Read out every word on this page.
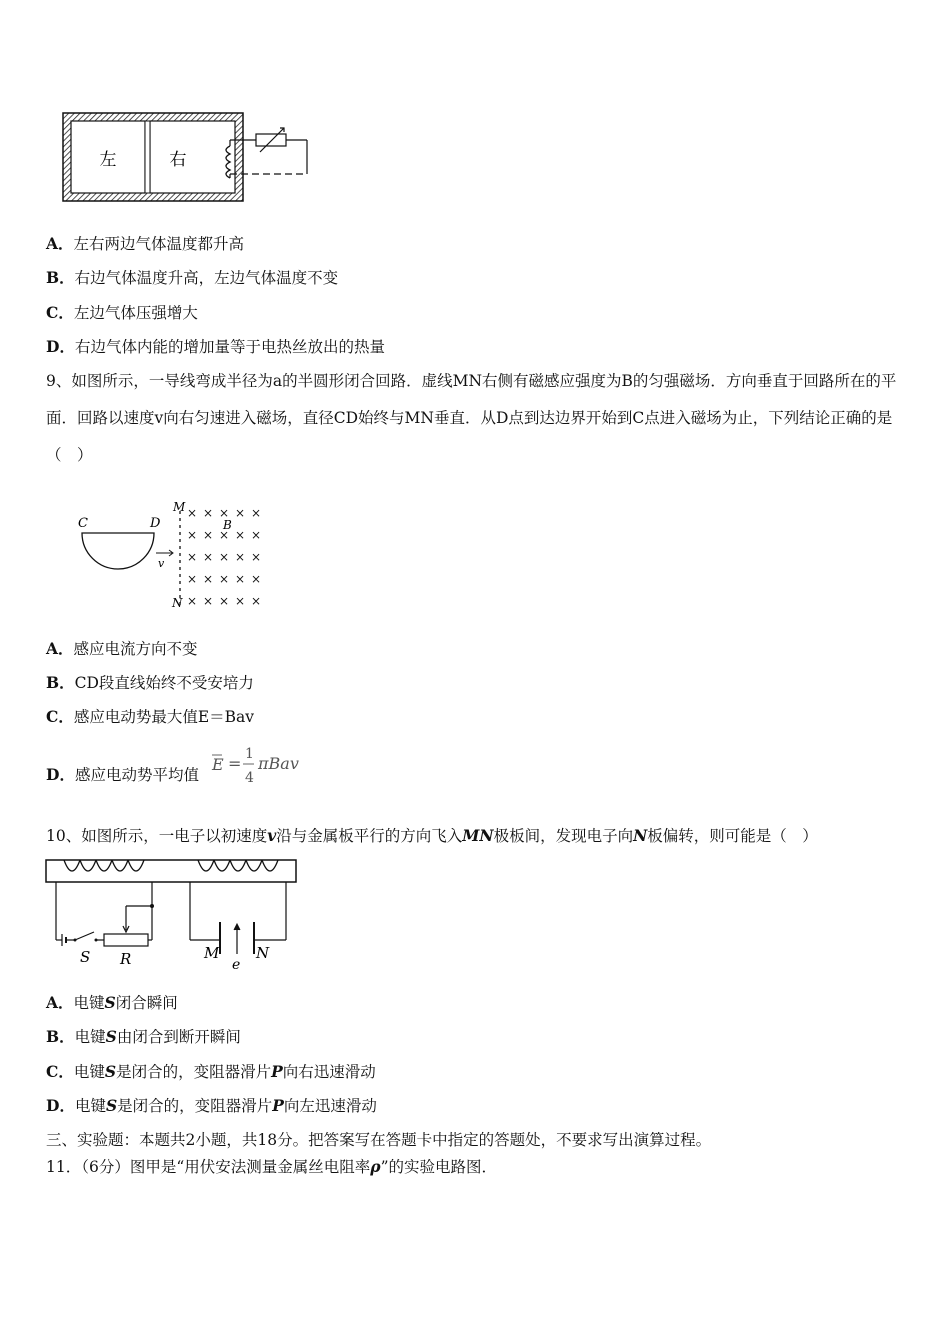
左	右
A．左右两边气体温度都升高
B．右边气体温度升高，左边气体温度不变
C．左边气体压强增大
D．右边气体内能的增加量等于电热丝放出的热量
9、如图所示，一导线弯成半径为a的半圆形闭合回路．虚线MN右侧有磁感应强度为B的匀强磁场．方向垂直于回路所在的平面．回路以速度v向右匀速进入磁场，直径CD始终与MN垂直．从D点到达边界开始到C点进入磁场为止，下列结论正确的是（　）
C	D
v
M
N
× × × × ×
× × × × ×
× × × × ×
× × × × ×
× × × × ×
B
A．感应电流方向不变
B．CD段直线始终不受安培力
C．感应电动势最大值E＝Bav
D．感应电动势平均值
E = 1
4
πBav
10、如图所示，一电子以初速度v沿与金属板平行的方向飞入MN极板间，发现电子向N板偏转，则可能是（　）
S R	M N
e
A．电键S闭合瞬间
B．电键S由闭合到断开瞬间
C．电键S是闭合的，变阻器滑片P向右迅速滑动
D．电键S是闭合的，变阻器滑片P向左迅速滑动
三、实验题：本题共2小题，共18分。把答案写在答题卡中指定的答题处，不要求写出演算过程。
11．（6分）图甲是“用伏安法测量金属丝电阻率ρ”的实验电路图．
